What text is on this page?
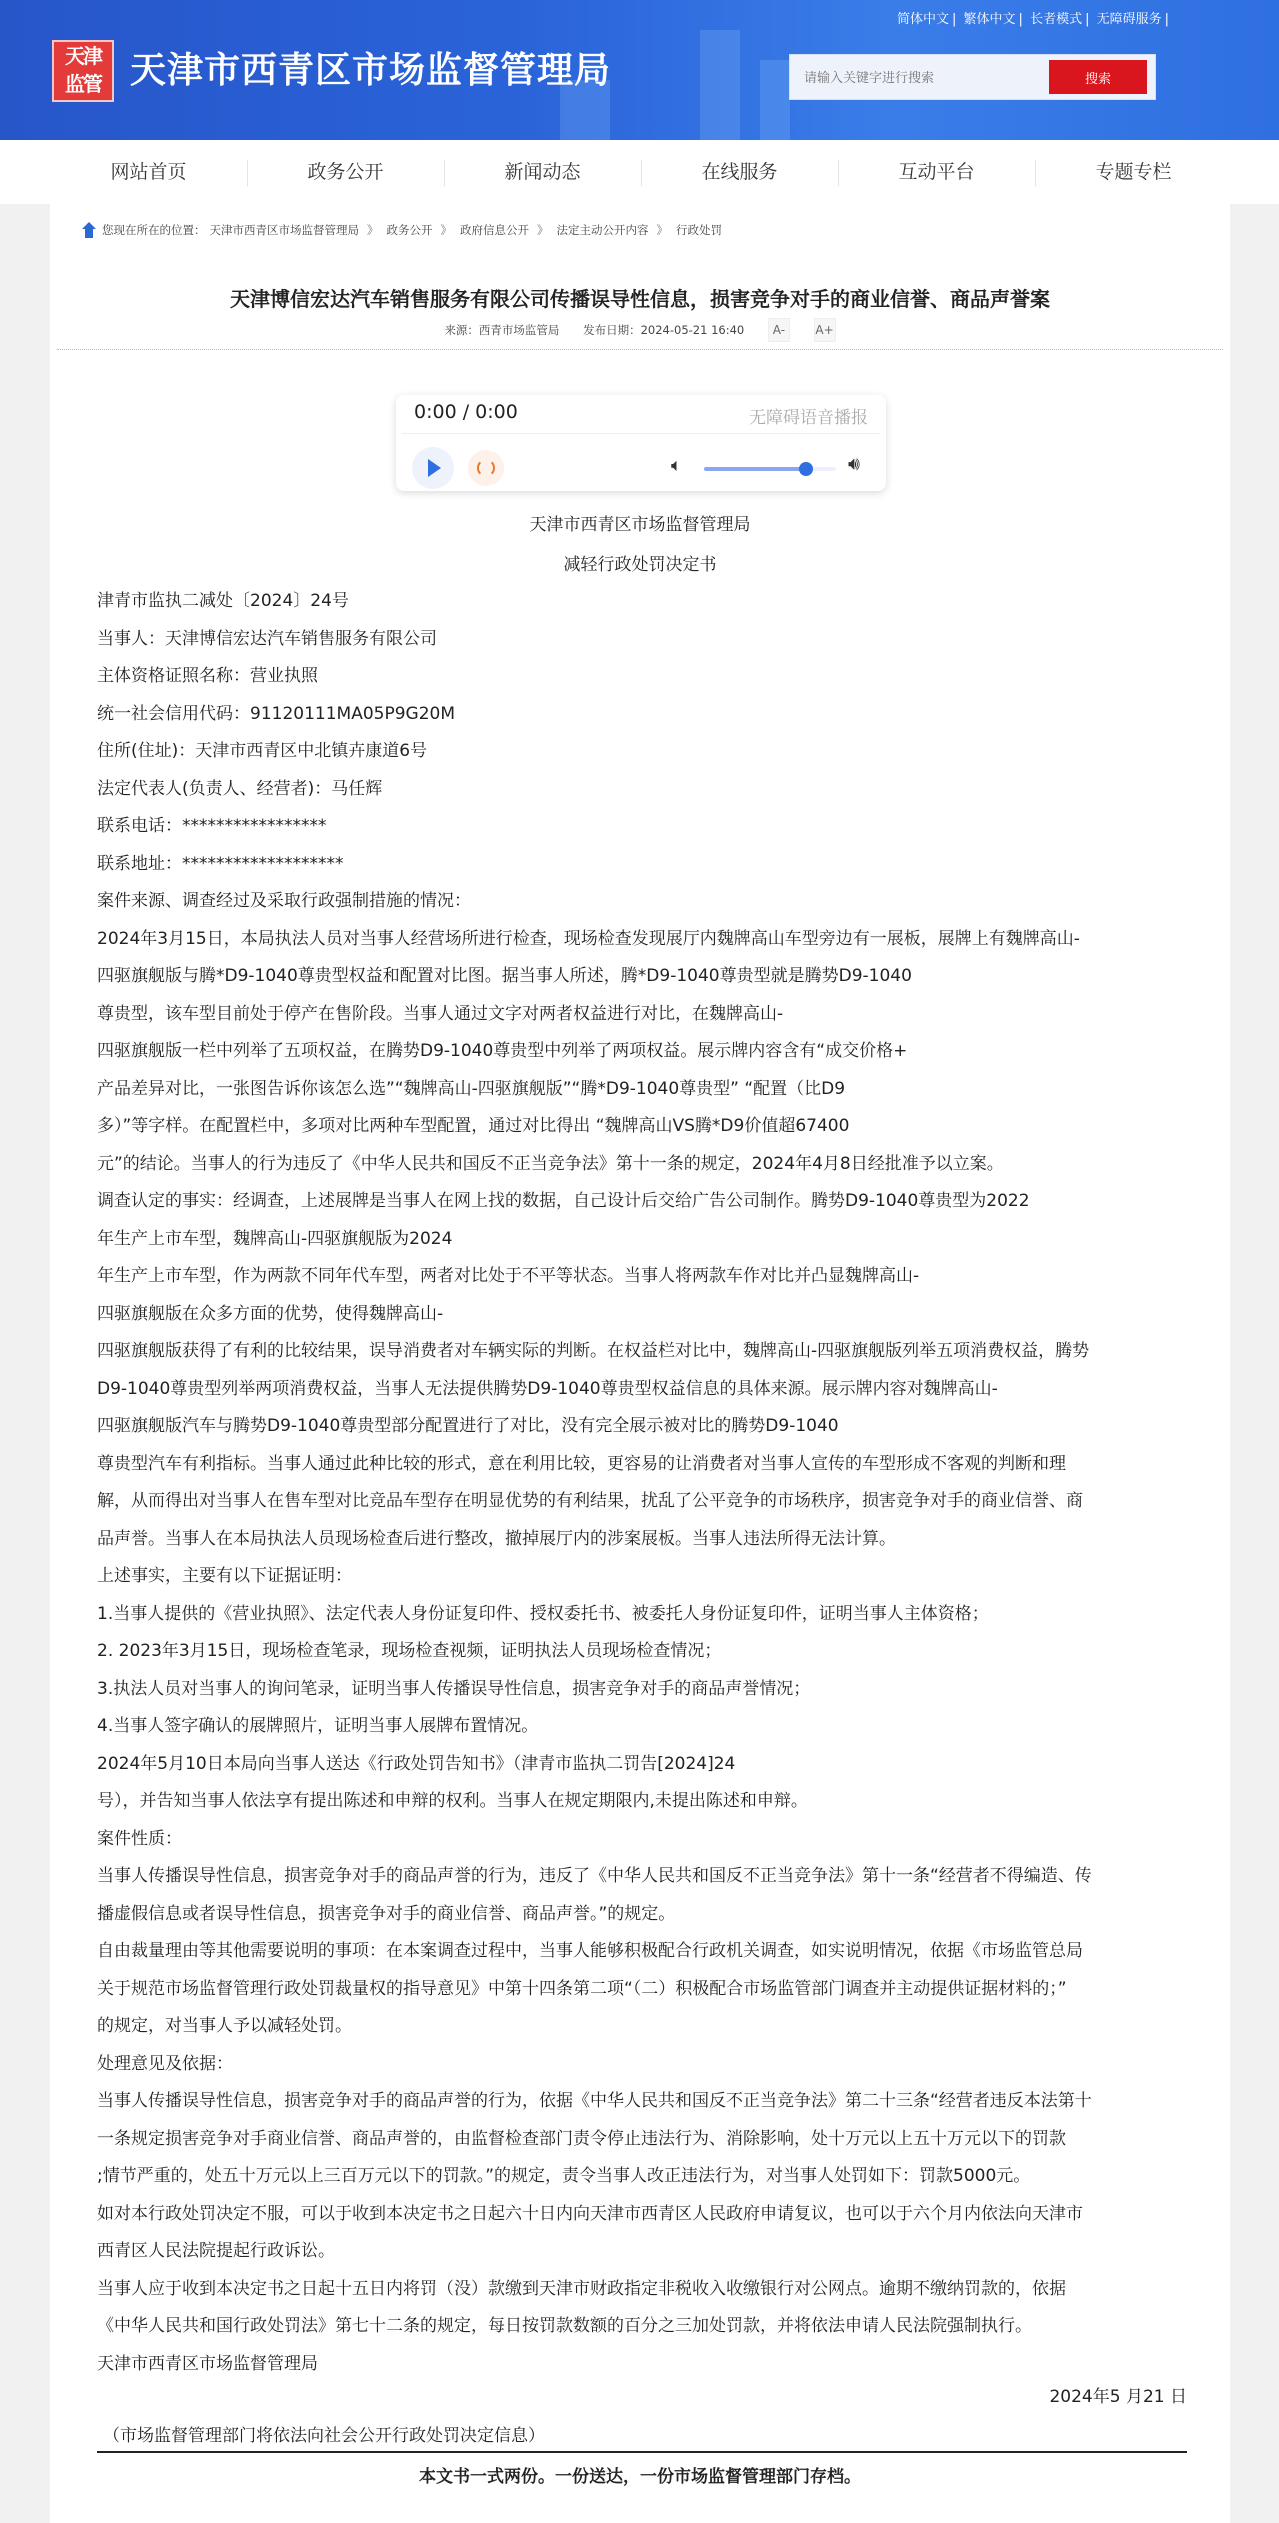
天津
监管 天津市西青区市场监督管理局
简体中文 | 繁体中文 | 长者模式 | 无障碍服务 |
请输入关键字进行搜索
搜索
网站首页	政务公开	新闻动态	在线服务	互动平台	专题专栏
您现在所在的位置： 天津市西青区市场监督管理局 》 政务公开 》 政府信息公开 》 法定主动公开内容 》 行政处罚
天津博信宏达汽车销售服务有限公司传播误导性信息，损害竞争对手的商业信誉、商品声誉案
来源：西青市场监管局 发布日期：2024-05-21 16:40 A-	A+
0:00 / 0:00	无障碍语音播报
🔈︎	🔊︎
天津市西青区市场监督管理局
减轻行政处罚决定书
津青市监执二减处〔2024〕24号
当事人：天津博信宏达汽车销售服务有限公司
主体资格证照名称：营业执照
统一社会信用代码：91120111MA05P9G20M
住所(住址)：天津市西青区中北镇卉康道6号
法定代表人(负责人、经营者)：马任辉
联系电话：*****************
联系地址：*******************
案件来源、调查经过及采取行政强制措施的情况：
2024年3月15日，本局执法人员对当事人经营场所进行检查，现场检查发现展厅内魏牌高山车型旁边有一展板，展牌上有魏牌高山-
四驱旗舰版与腾*D9-1040尊贵型权益和配置对比图。据当事人所述，腾*D9-1040尊贵型就是腾势D9-1040
尊贵型，该车型目前处于停产在售阶段。当事人通过文字对两者权益进行对比，在魏牌高山-
四驱旗舰版一栏中列举了五项权益，在腾势D9-1040尊贵型中列举了两项权益。展示牌内容含有“成交价格+
产品差异对比，一张图告诉你该怎么选”“魏牌高山-四驱旗舰版”“腾*D9-1040尊贵型” “配置（比D9
多）”等字样。在配置栏中，多项对比两种车型配置，通过对比得出 “魏牌高山VS腾*D9价值超67400
元”的结论。当事人的行为违反了《中华人民共和国反不正当竞争法》第十一条的规定，2024年4月8日经批准予以立案。
调查认定的事实：经调查，上述展牌是当事人在网上找的数据，自己设计后交给广告公司制作。腾势D9-1040尊贵型为2022
年生产上市车型，魏牌高山-四驱旗舰版为2024
年生产上市车型，作为两款不同年代车型，两者对比处于不平等状态。当事人将两款车作对比并凸显魏牌高山-
四驱旗舰版在众多方面的优势，使得魏牌高山-
四驱旗舰版获得了有利的比较结果，误导消费者对车辆实际的判断。在权益栏对比中，魏牌高山-四驱旗舰版列举五项消费权益，腾势
D9-1040尊贵型列举两项消费权益，当事人无法提供腾势D9-1040尊贵型权益信息的具体来源。展示牌内容对魏牌高山-
四驱旗舰版汽车与腾势D9-1040尊贵型部分配置进行了对比，没有完全展示被对比的腾势D9-1040
尊贵型汽车有利指标。当事人通过此种比较的形式，意在利用比较，更容易的让消费者对当事人宣传的车型形成不客观的判断和理
解，从而得出对当事人在售车型对比竞品车型存在明显优势的有利结果，扰乱了公平竞争的市场秩序，损害竞争对手的商业信誉、商
品声誉。当事人在本局执法人员现场检查后进行整改，撤掉展厅内的涉案展板。当事人违法所得无法计算。
上述事实，主要有以下证据证明：
1.当事人提供的《营业执照》、法定代表人身份证复印件、授权委托书、被委托人身份证复印件，证明当事人主体资格；
2. 2023年3月15日，现场检查笔录，现场检查视频，证明执法人员现场检查情况；
3.执法人员对当事人的询问笔录，证明当事人传播误导性信息，损害竞争对手的商品声誉情况；
4.当事人签字确认的展牌照片，证明当事人展牌布置情况。
2024年5月10日本局向当事人送达《行政处罚告知书》（津青市监执二罚告[2024]24
号），并告知当事人依法享有提出陈述和申辩的权利。当事人在规定期限内,未提出陈述和申辩。
案件性质：
当事人传播误导性信息，损害竞争对手的商品声誉的行为，违反了《中华人民共和国反不正当竞争法》第十一条“经营者不得编造、传
播虚假信息或者误导性信息，损害竞争对手的商业信誉、商品声誉。”的规定。
自由裁量理由等其他需要说明的事项：在本案调查过程中，当事人能够积极配合行政机关调查，如实说明情况，依据《市场监管总局
关于规范市场监督管理行政处罚裁量权的指导意见》中第十四条第二项“（二）积极配合市场监管部门调查并主动提供证据材料的；”
的规定，对当事人予以减轻处罚。
处理意见及依据：
当事人传播误导性信息，损害竞争对手的商品声誉的行为，依据《中华人民共和国反不正当竞争法》第二十三条“经营者违反本法第十
一条规定损害竞争对手商业信誉、商品声誉的，由监督检查部门责令停止违法行为、消除影响，处十万元以上五十万元以下的罚款
;情节严重的，处五十万元以上三百万元以下的罚款。”的规定，责令当事人改正违法行为，对当事人处罚如下：罚款5000元。
如对本行政处罚决定不服，可以于收到本决定书之日起六十日内向天津市西青区人民政府申请复议，也可以于六个月内依法向天津市
西青区人民法院提起行政诉讼。
当事人应于收到本决定书之日起十五日内将罚（没）款缴到天津市财政指定非税收入收缴银行对公网点。逾期不缴纳罚款的，依据
《中华人民共和国行政处罚法》第七十二条的规定，每日按罚款数额的百分之三加处罚款，并将依法申请人民法院强制执行。
天津市西青区市场监督管理局
2024年5 月21 日
（市场监督管理部门将依法向社会公开行政处罚决定信息）
本文书一式两份。一份送达，一份市场监督管理部门存档。
